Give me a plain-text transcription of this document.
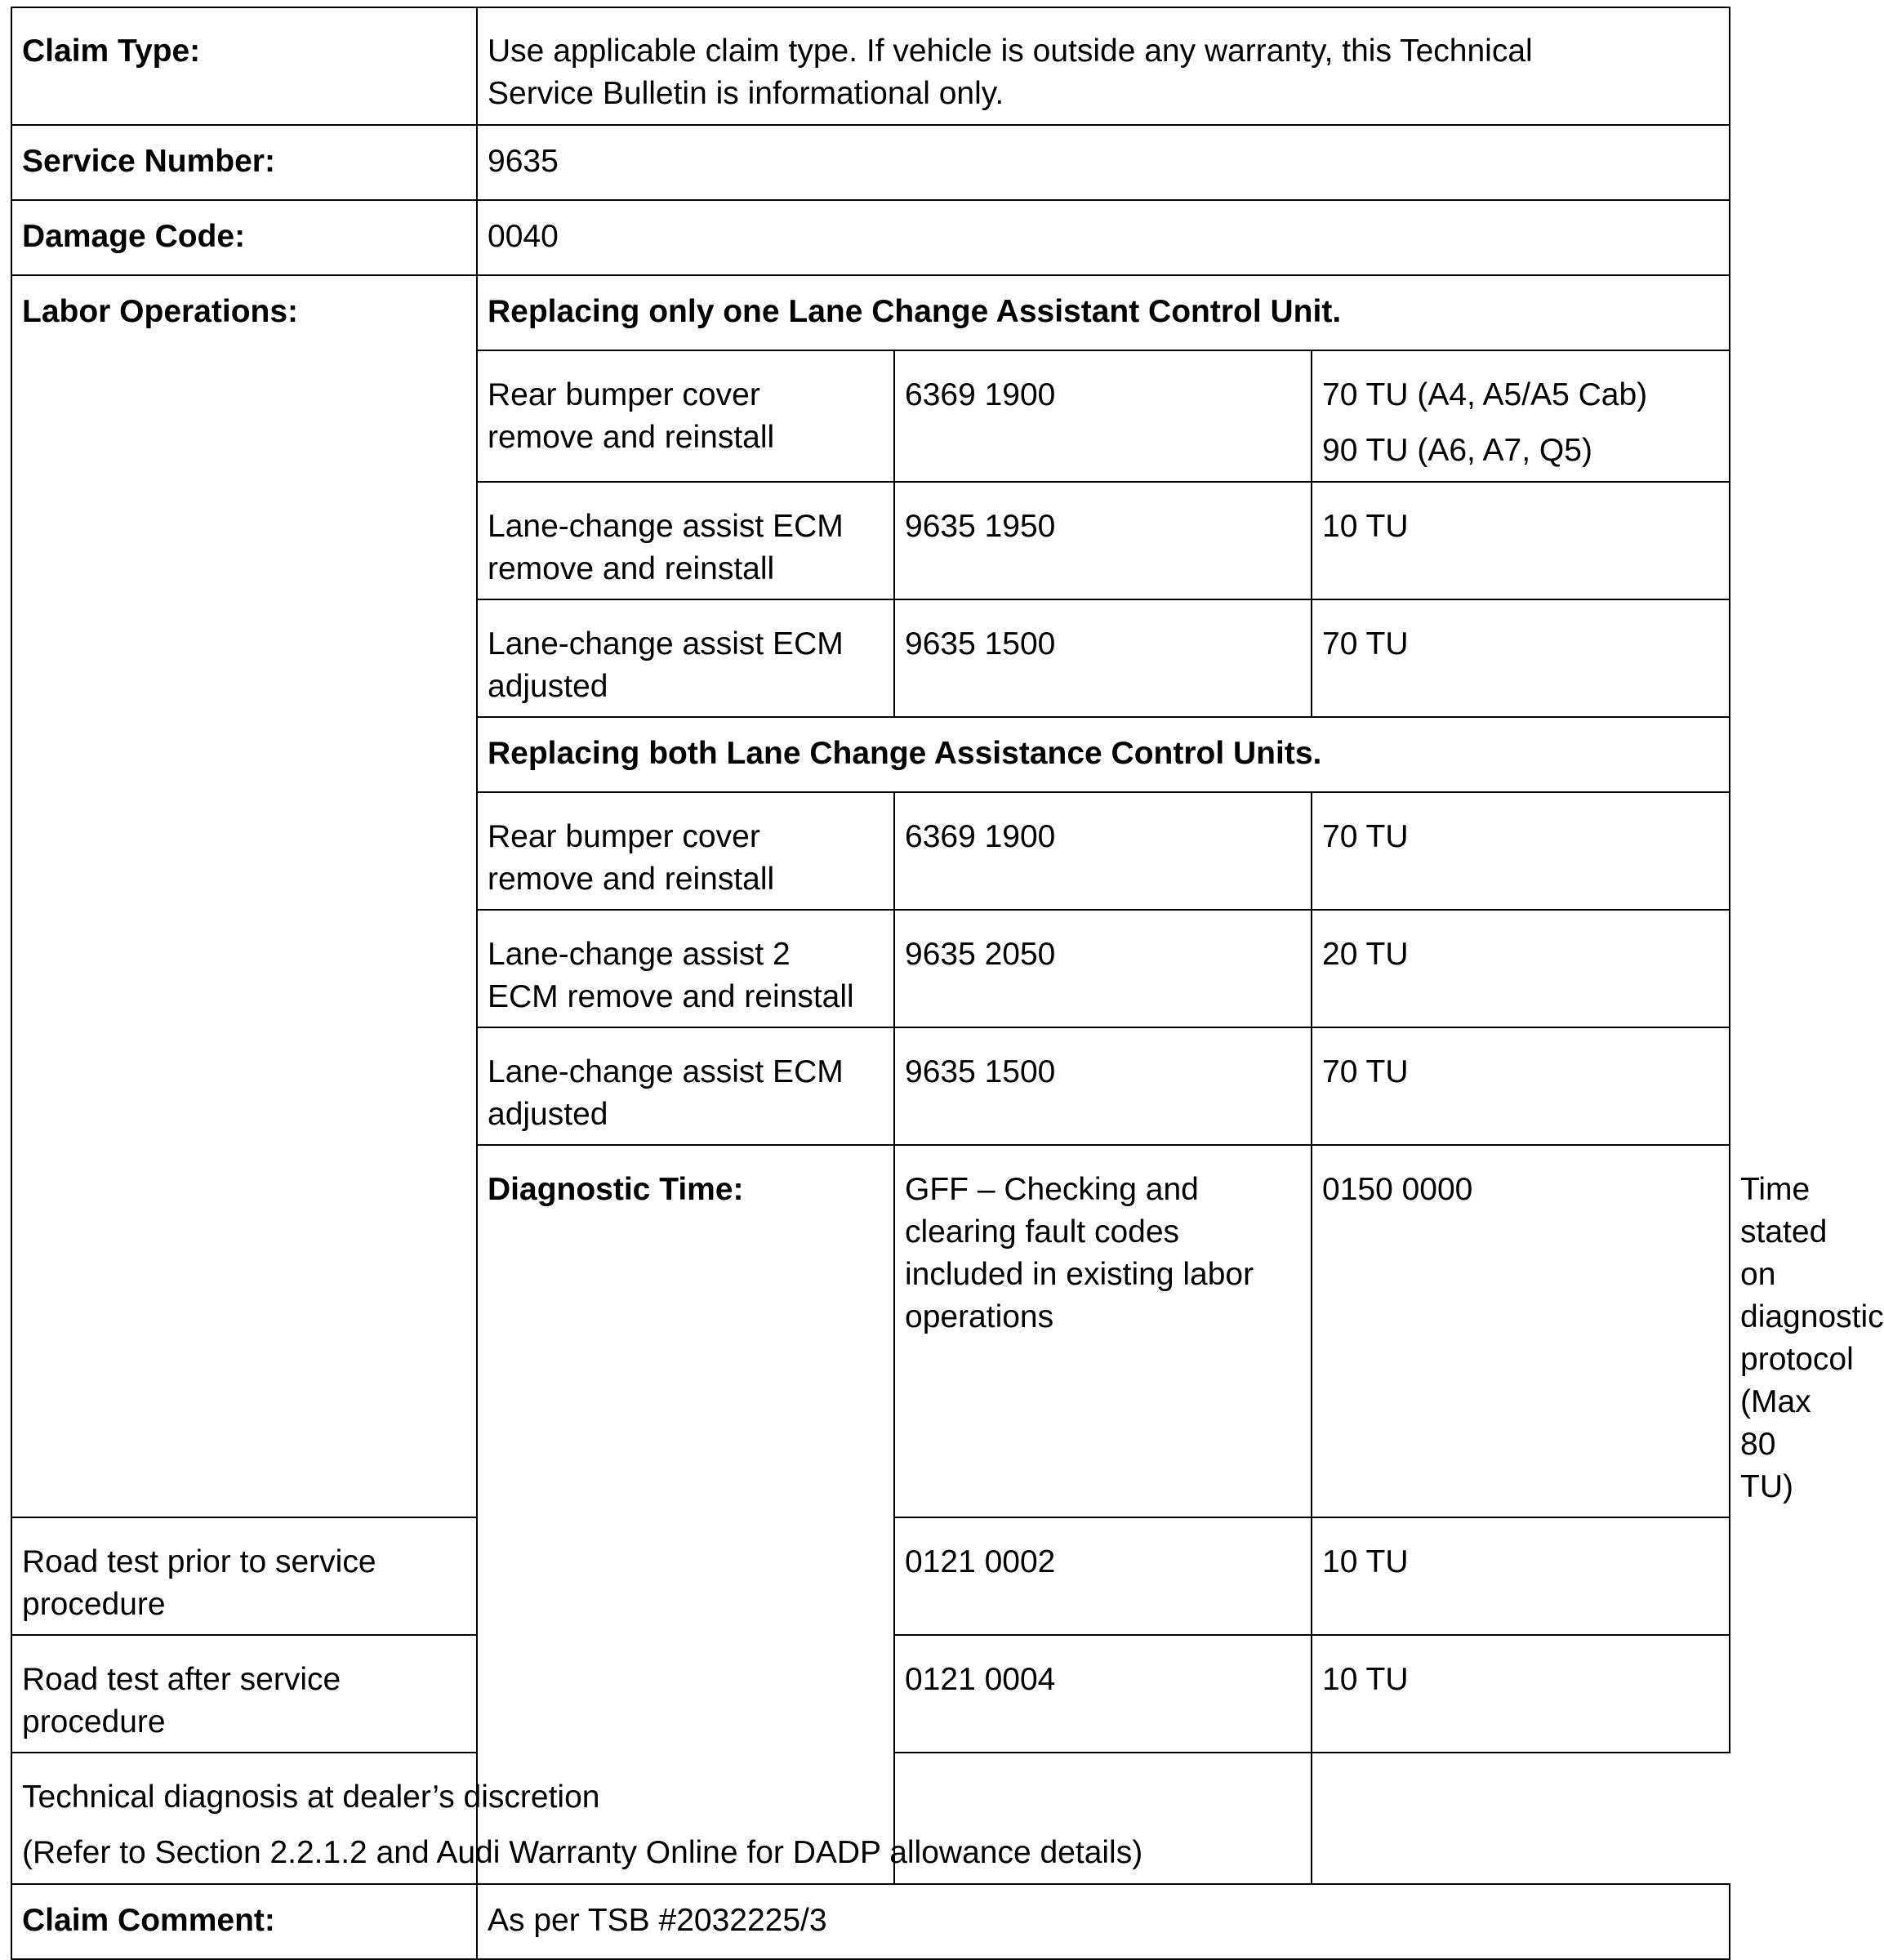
Claim Type:	Use applicable claim type. If vehicle is outside any warranty, this Technical
Service Bulletin is informational only.			

Service Number:	9635			
Damage Code:	0040			
Labor Operations:	Replacing only one Lane Change Assistant Control Unit.			

	Rear bumper cover
remove and reinstall	6369 1900	70 TU (A4, A5/A5 Cab)
90 TU (A6, A7, Q5)	

	Lane-change assist ECM
remove and reinstall	9635 1950	10 TU	

	Lane-change assist ECM
adjusted	9635 1500	70 TU	
	Replacing both Lane Change Assistance Control Units.			

	Rear bumper cover
remove and reinstall	6369 1900	70 TU	

	Lane-change assist 2
ECM remove and reinstall	9635 2050	20 TU	

	Lane-change assist ECM
adjusted	9635 1500	70 TU	
	Diagnostic Time:	GFF – Checking and
clearing fault codes
included in existing labor
operations	0150 0000	Time stated on diagnostic
protocol (Max 80 TU)

Road test prior to service
procedure		0121 0002	10 TU	

Road test after service
procedure		0121 0004	10 TU	

Technical diagnosis at dealer’s discretion
(Refer to Section 2.2.1.2 and Audi Warranty Online for DADP allowance details)				

Claim Comment:	As per TSB #2032225/3			
